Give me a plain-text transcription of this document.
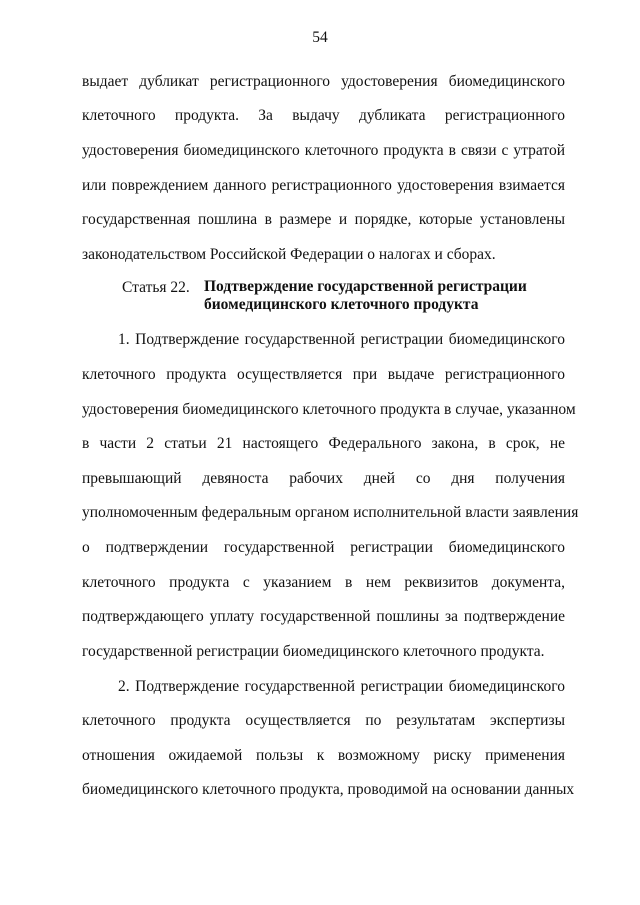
54
выдает дубликат регистрационного удостоверения биомедицинского
клеточного продукта. За выдачу дубликата регистрационного
удостоверения биомедицинского клеточного продукта в связи с утратой
или повреждением данного регистрационного удостоверения взимается
государственная пошлина в размере и порядке, которые установлены
законодательством Российской Федерации о налогах и сборах.
Статья 22. Подтверждение государственной регистрации
биомедицинского клеточного продукта
1. Подтверждение государственной регистрации биомедицинского
клеточного продукта осуществляется при выдаче регистрационного
удостоверения биомедицинского клеточного продукта в случае, указанном
в части 2 статьи 21 настоящего Федерального закона, в срок, не
превышающий девяноста рабочих дней со дня получения
уполномоченным федеральным органом исполнительной власти заявления
о подтверждении государственной регистрации биомедицинского
клеточного продукта с указанием в нем реквизитов документа,
подтверждающего уплату государственной пошлины за подтверждение
государственной регистрации биомедицинского клеточного продукта.
2. Подтверждение государственной регистрации биомедицинского
клеточного продукта осуществляется по результатам экспертизы
отношения ожидаемой пользы к возможному риску применения
биомедицинского клеточного продукта, проводимой на основании данных
